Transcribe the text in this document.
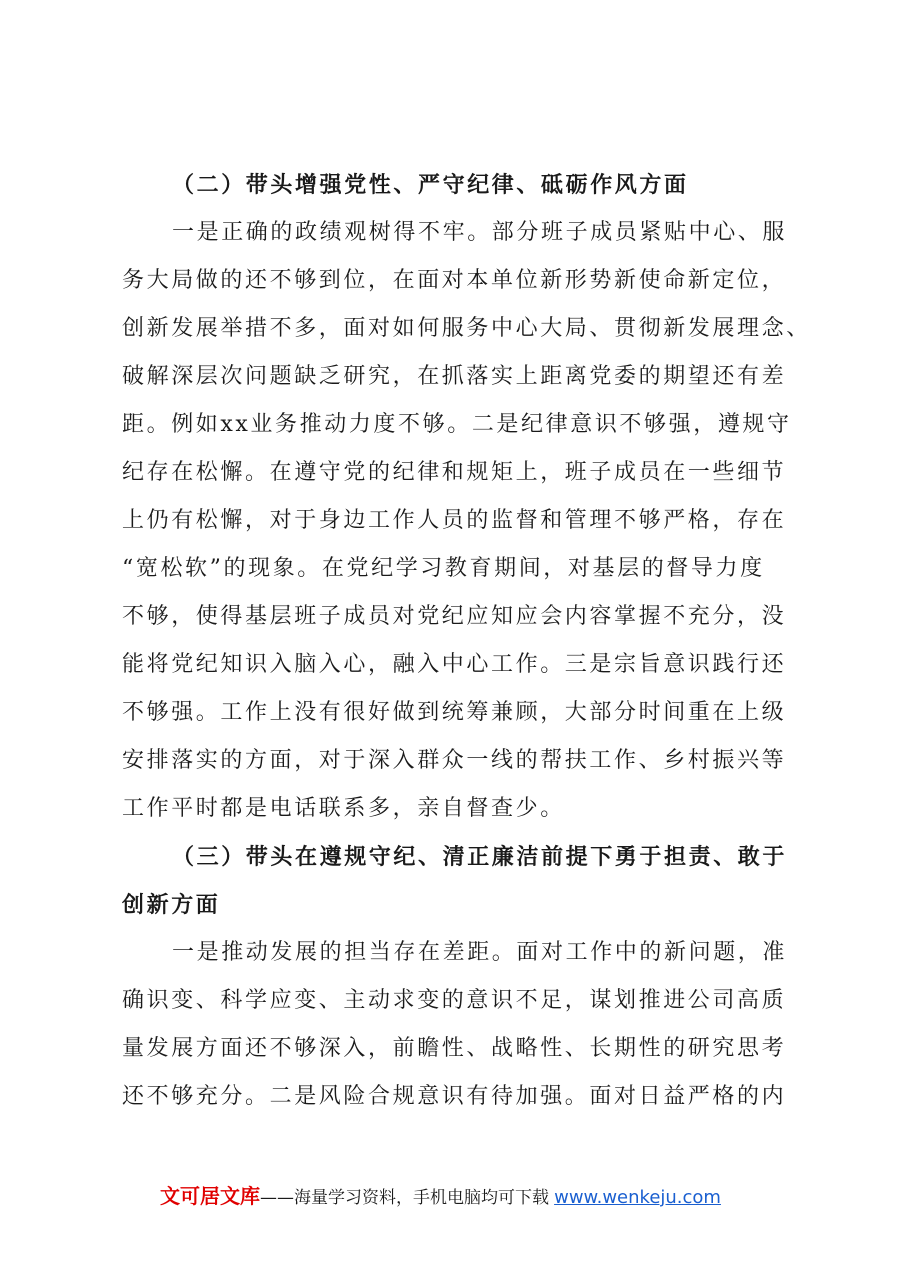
（二）带头增强党性、严守纪律、砥砺作风方面
一是正确的政绩观树得不牢。部分班子成员紧贴中心、服
务大局做的还不够到位，在面对本单位新形势新使命新定位，
创新发展举措不多，面对如何服务中心大局、贯彻新发展理念、
破解深层次问题缺乏研究，在抓落实上距离党委的期望还有差
距。例如xx业务推动力度不够。二是纪律意识不够强，遵规守
纪存在松懈。在遵守党的纪律和规矩上，班子成员在一些细节
上仍有松懈，对于身边工作人员的监督和管理不够严格，存在
“宽松软”的现象。在党纪学习教育期间，对基层的督导力度
不够，使得基层班子成员对党纪应知应会内容掌握不充分，没
能将党纪知识入脑入心，融入中心工作。三是宗旨意识践行还
不够强。工作上没有很好做到统筹兼顾，大部分时间重在上级
安排落实的方面，对于深入群众一线的帮扶工作、乡村振兴等
工作平时都是电话联系多，亲自督查少。
（三）带头在遵规守纪、清正廉洁前提下勇于担责、敢于
创新方面
一是推动发展的担当存在差距。面对工作中的新问题，准
确识变、科学应变、主动求变的意识不足，谋划推进公司高质
量发展方面还不够深入，前瞻性、战略性、长期性的研究思考
还不够充分。二是风险合规意识有待加强。面对日益严格的内
文可居文库——海量学习资料，手机电脑均可下载 www.wenkeju.com
